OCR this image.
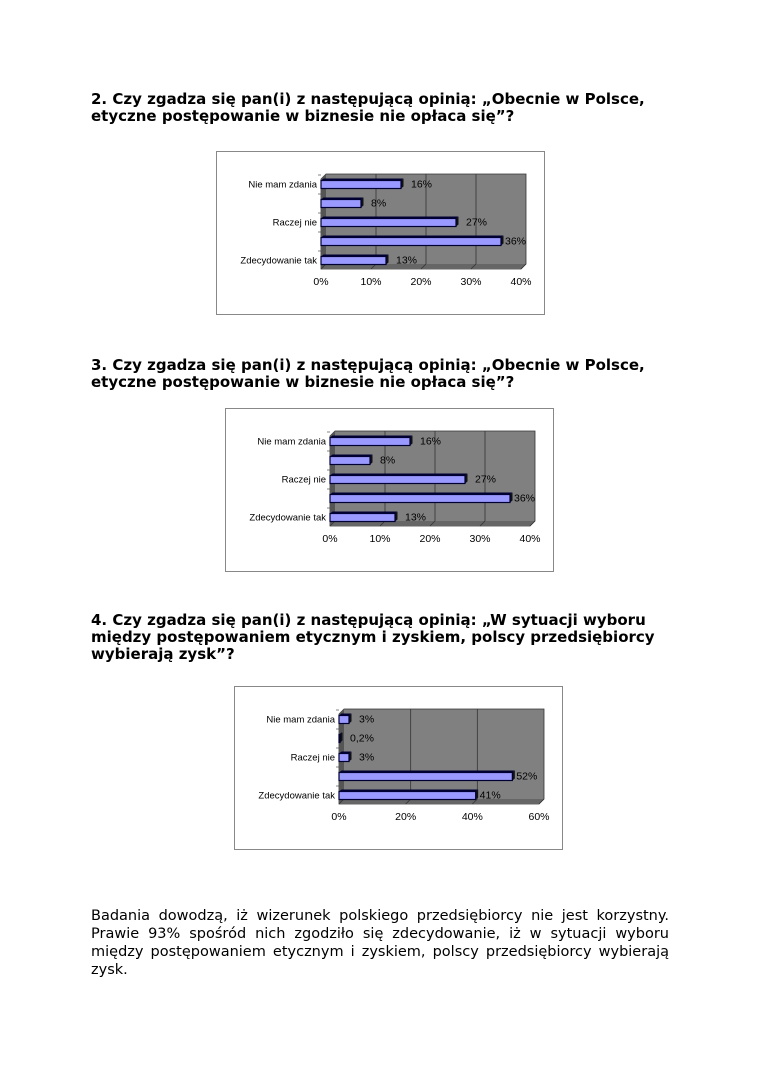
2. Czy zgadza się pan(i) z następującą opinią: „Obecnie w Polsce, etyczne postępowanie w biznesie nie opłaca się”?
0%	10%	20%	30%	40%
Nie mam zdania	16%
8%
Raczej nie	27%
36%
Zdecydowanie tak	13%
3. Czy zgadza się pan(i) z następującą opinią: „Obecnie w Polsce, etyczne postępowanie w biznesie nie opłaca się”?
0%	10%	20%	30%	40%
Nie mam zdania	16%
8%
Raczej nie	27%
36%
Zdecydowanie tak	13%
4. Czy zgadza się pan(i) z następującą opinią: „W sytuacji wyboru między postępowaniem etycznym i zyskiem, polscy przedsiębiorcy wybierają zysk”?
0%	20%	40%	60%
Nie mam zdania 3%
0,2%
Raczej nie 3%
52%
Zdecydowanie tak	41%
Badania dowodzą, iż wizerunek polskiego przedsiębiorcy nie jest korzystny. Prawie 93% spośród nich zgodziło się zdecydowanie, iż w sytuacji wyboru między postępowaniem etycznym i zyskiem, polscy przedsiębiorcy wybierają zysk.
